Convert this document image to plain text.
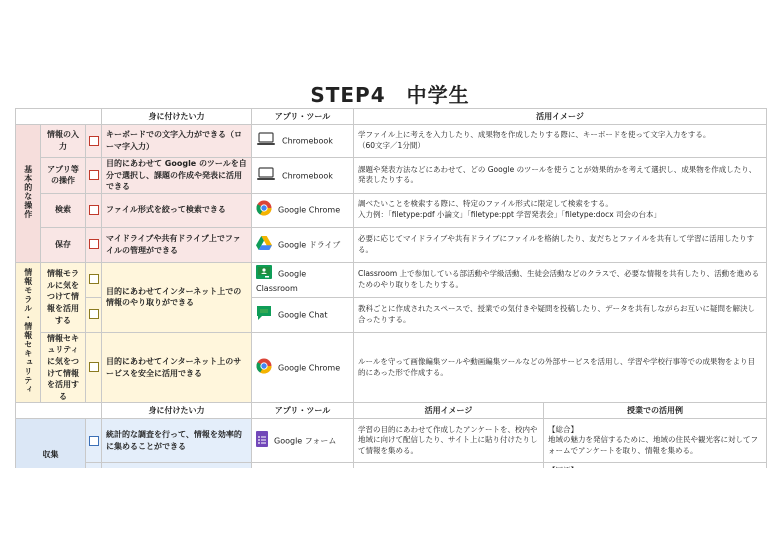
STEP4　中学生
			身に付けたい力	アプリ・ツール	活用イメージ	
基本的な操作	情報の入力		キーボードでの文字入力ができる（ローマ字入力）	Chromebook	学ファイル上に考えを入力したり、成果物を作成したりする際に、キーボードを使って文字入力をする。
（60文字／1分間）	
	アプリ等の操作		目的にあわせて Google のツールを自分で選択し、課題の作成や発表に活用できる	Chromebook	課題や発表方法などにあわせて、どの Google のツールを使うことが効果的かを考えて選択し、成果物を作成したり、発表したりする。	
	検索		ファイル形式を絞って検索できる	Google Chrome	調べたいことを検索する際に、特定のファイル形式に限定して検索をする。
入力例：「filetype:pdf 小論文」「filetype:ppt 学習発表会」「filetype:docx 司会の台本」	
	保存		マイドライブや共有ドライブ上でファイルの管理ができる	Google ドライブ	必要に応じてマイドライブや共有ドライブにファイルを格納したり、友だちとファイルを共有して学習に活用したりする。	
情報モラル・情報セキュリティ	情報モラルに気をつけて情報を活用する		目的にあわせてインターネット上での情報のやり取りができる	Google Classroom	Classroom 上で参加している部活動や学級活動、生徒会活動などのクラスで、必要な情報を共有したり、活動を進めるためのやり取りをしたりする。	
				Google Chat	教科ごとに作成されたスペースで、授業での気付きや疑問を投稿したり、データを共有しながらお互いに疑問を解決し合ったりする。	
	情報セキュリティに気をつけて情報を活用する		目的にあわせてインターネット上のサービスを安全に活用できる	Google Chrome	ルールを守って画像編集ツールや動画編集ツールなどの外部サービスを活用し、学習や学校行事等での成果物をより目的にあった形で作成する。	
			身に付けたい力	アプリ・ツール	活用イメージ	授業での活用例
収集			統計的な調査を行って、情報を効率的に集めることができる	Google フォーム	学習の目的にあわせて作成したアンケートを、校内や地域に向けて配信したり、サイト上に貼り付けたりして情報を集める。	【総合】
地域の魅力を発信するために、地域の住民や観光客に対してフォームでアンケートを取り、情報を集める。
